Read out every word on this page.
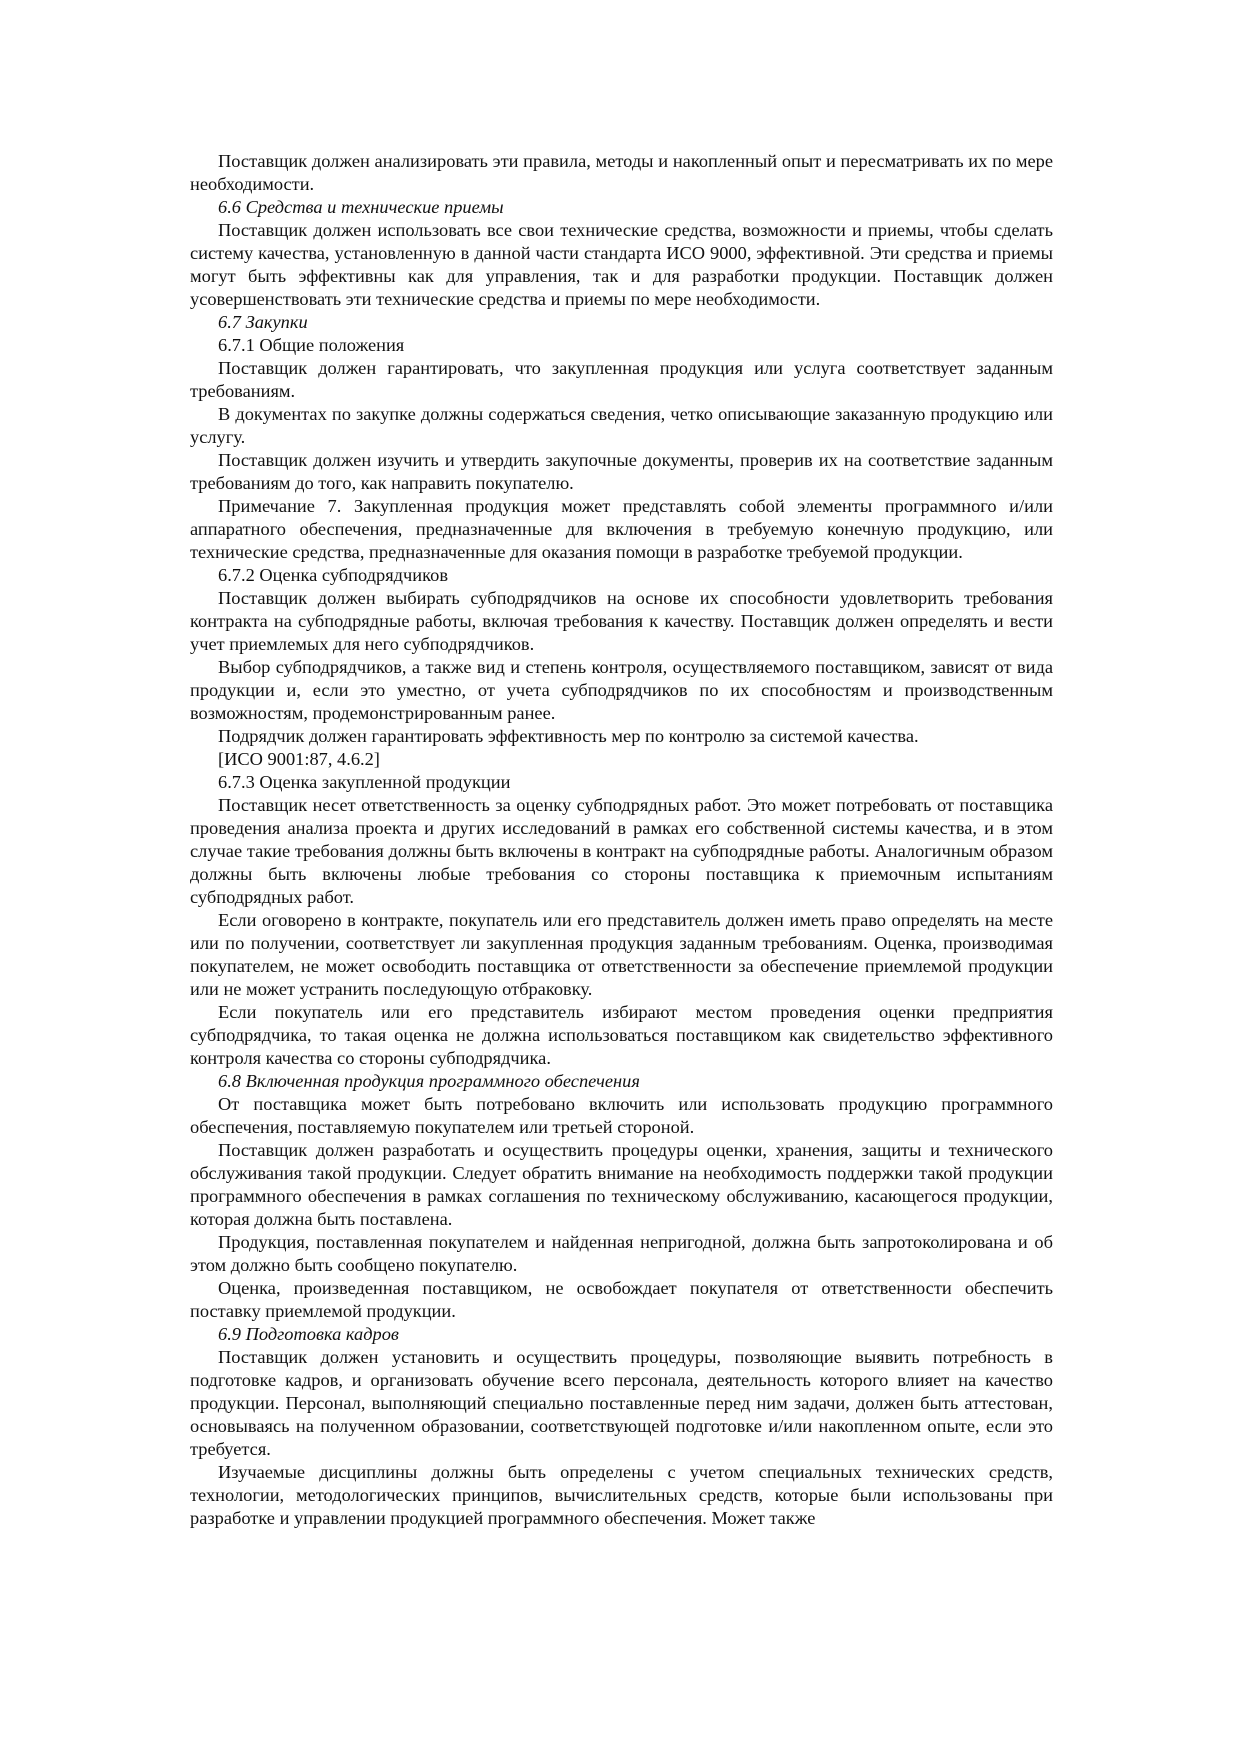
Поставщик должен анализировать эти правила, методы и накопленный опыт и пересматривать их по мере необходимости.

6.6 Средства и технические приемы

Поставщик должен использовать все свои технические средства, возможности и приемы, чтобы сделать систему качества, установленную в данной части стандарта ИСО 9000, эффективной. Эти средства и приемы могут быть эффективны как для управления, так и для разработки продукции. Поставщик должен усовершенствовать эти технические средства и приемы по мере необходимости.

6.7 Закупки

6.7.1 Общие положения

Поставщик должен гарантировать, что закупленная продукция или услуга соответствует заданным требованиям.

В документах по закупке должны содержаться сведения, четко описывающие заказанную продукцию или услугу.

Поставщик должен изучить и утвердить закупочные документы, проверив их на соответствие заданным требованиям до того, как направить покупателю.

Примечание 7. Закупленная продукция может представлять собой элементы программного и/или аппаратного обеспечения, предназначенные для включения в требуемую конечную продукцию, или технические средства, предназначенные для оказания помощи в разработке требуемой продукции.

6.7.2 Оценка субподрядчиков

Поставщик должен выбирать субподрядчиков на основе их способности удовлетворить требования контракта на субподрядные работы, включая требования к качеству. Поставщик должен определять и вести учет приемлемых для него субподрядчиков.

Выбор субподрядчиков, а также вид и степень контроля, осуществляемого поставщиком, зависят от вида продукции и, если это уместно, от учета субподрядчиков по их способностям и производственным возможностям, продемонстрированным ранее.

Подрядчик должен гарантировать эффективность мер по контролю за системой качества.

[ИСО 9001:87, 4.6.2]

6.7.3 Оценка закупленной продукции

Поставщик несет ответственность за оценку субподрядных работ. Это может потребовать от поставщика проведения анализа проекта и других исследований в рамках его собственной системы качества, и в этом случае такие требования должны быть включены в контракт на субподрядные работы. Аналогичным образом должны быть включены любые требования со стороны поставщика к приемочным испытаниям субподрядных работ.

Если оговорено в контракте, покупатель или его представитель должен иметь право определять на месте или по получении, соответствует ли закупленная продукция заданным требованиям. Оценка, производимая покупателем, не может освободить поставщика от ответственности за обеспечение приемлемой продукции или не может устранить последующую отбраковку.

Если покупатель или его представитель избирают местом проведения оценки предприятия субподрядчика, то такая оценка не должна использоваться поставщиком как свидетельство эффективного контроля качества со стороны субподрядчика.

6.8 Включенная продукция программного обеспечения

От поставщика может быть потребовано включить или использовать продукцию программного обеспечения, поставляемую покупателем или третьей стороной.

Поставщик должен разработать и осуществить процедуры оценки, хранения, защиты и технического обслуживания такой продукции. Следует обратить внимание на необходимость поддержки такой продукции программного обеспечения в рамках соглашения по техническому обслуживанию, касающегося продукции, которая должна быть поставлена.

Продукция, поставленная покупателем и найденная непригодной, должна быть запротоколирована и об этом должно быть сообщено покупателю.

Оценка, произведенная поставщиком, не освобождает покупателя от ответственности обеспечить поставку приемлемой продукции.

6.9 Подготовка кадров

Поставщик должен установить и осуществить процедуры, позволяющие выявить потребность в подготовке кадров, и организовать обучение всего персонала, деятельность которого влияет на качество продукции. Персонал, выполняющий специально поставленные перед ним задачи, должен быть аттестован, основываясь на полученном образовании, соответствующей подготовке и/или накопленном опыте, если это требуется.

Изучаемые дисциплины должны быть определены с учетом специальных технических средств, технологии, методологических принципов, вычислительных средств, которые были использованы при разработке и управлении продукцией программного обеспечения. Может также
